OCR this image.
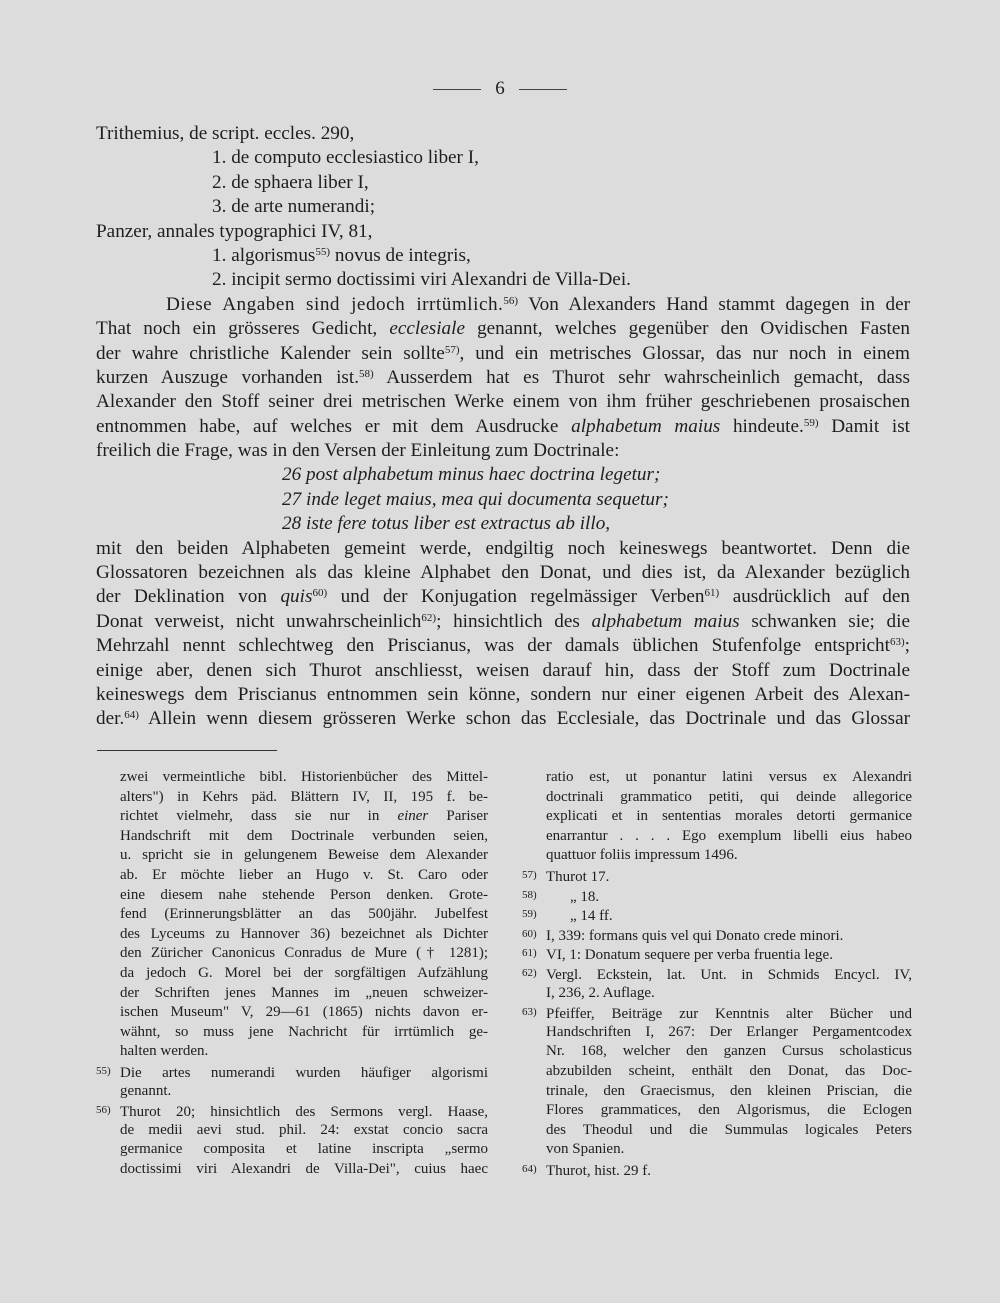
6
Trithemius, de script. eccles. 290,
1. de computo ecclesiastico liber I,
2. de sphaera liber I,
3. de arte numerandi;
Panzer, annales typographici IV, 81,
1. algorismus$^{55)}$ novus de integris,
2. incipit sermo doctissimi viri Alexandri de Villa-Dei.
Diese Angaben sind jedoch irrtümlich.$^{56)}$ Von Alexanders Hand stammt dagegen in der
That noch ein grösseres Gedicht, ecclesiale genannt, welches gegenüber den Ovidischen Fasten
der wahre christliche Kalender sein sollte$^{57)}$, und ein metrisches Glossar, das nur noch in einem
kurzen Auszuge vorhanden ist.$^{58)}$ Ausserdem hat es Thurot sehr wahrscheinlich gemacht, dass
Alexander den Stoff seiner drei metrischen Werke einem von ihm früher geschriebenen prosaischen
entnommen habe, auf welches er mit dem Ausdrucke alphabetum maius hindeute.$^{59)}$ Damit ist
freilich die Frage, was in den Versen der Einleitung zum Doctrinale:
26 post alphabetum minus haec doctrina legetur;
27 inde leget maius, mea qui documenta sequetur;
28 iste fere totus liber est extractus ab illo,
mit den beiden Alphabeten gemeint werde, endgiltig noch keineswegs beantwortet. Denn die
Glossatoren bezeichnen als das kleine Alphabet den Donat, und dies ist, da Alexander bezüglich
der Deklination von quis$^{60)}$ und der Konjugation regelmässiger Verben$^{61)}$ ausdrücklich auf den
Donat verweist, nicht unwahrscheinlich$^{62)}$; hinsichtlich des alphabetum maius schwanken sie; die
Mehrzahl nennt schlechtweg den Priscianus, was der damals üblichen Stufenfolge entspricht$^{63)}$;
einige aber, denen sich Thurot anschliesst, weisen darauf hin, dass der Stoff zum Doctrinale
keineswegs dem Priscianus entnommen sein könne, sondern nur einer eigenen Arbeit des Alexan-
der.$^{64)}$ Allein wenn diesem grösseren Werke schon das Ecclesiale, das Doctrinale und das Glossar
zwei vermeintliche bibl. Historienbücher des Mittel-
alters") in Kehrs päd. Blättern IV, II, 195 f. be-
richtet vielmehr, dass sie nur in einer Pariser
Handschrift mit dem Doctrinale verbunden seien,
u. spricht sie in gelungenem Beweise dem Alexander
ab. Er möchte lieber an Hugo v. St. Caro oder
eine diesem nahe stehende Person denken. Grote-
fend (Erinnerungsblätter an das 500jähr. Jubelfest
des Lyceums zu Hannover 36) bezeichnet als Dichter
den Züricher Canonicus Conradus de Mure († 1281);
da jedoch G. Morel bei der sorgfältigen Aufzählung
der Schriften jenes Mannes im „neuen schweizer-
ischen Museum" V, 29—61 (1865) nichts davon er-
wähnt, so muss jene Nachricht für irrtümlich ge-
halten werden.
55) Die artes numerandi wurden häufiger algorismi
genannt.
56) Thurot 20; hinsichtlich des Sermons vergl. Haase,
de medii aevi stud. phil. 24: exstat concio sacra
germanice composita et latine inscripta „sermo
doctissimi viri Alexandri de Villa-Dei", cuius haec
ratio est, ut ponantur latini versus ex Alexandri
doctrinali grammatico petiti, qui deinde allegorice
explicati et in sententias morales detorti germanice
enarrantur . . . . Ego exemplum libelli eius habeo
quattuor foliis impressum 1496.
57) Thurot 17.
58) „ 18.
59) „ 14 ff.
60) I, 339: formans quis vel qui Donato crede minori.
61) VI, 1: Donatum sequere per verba fruentia lege.
62) Vergl. Eckstein, lat. Unt. in Schmids Encycl. IV,
I, 236, 2. Auflage.
63) Pfeiffer, Beiträge zur Kenntnis alter Bücher und
Handschriften I, 267: Der Erlanger Pergamentcodex
Nr. 168, welcher den ganzen Cursus scholasticus
abzubilden scheint, enthält den Donat, das Doc-
trinale, den Graecismus, den kleinen Priscian, die
Flores grammatices, den Algorismus, die Eclogen
des Theodul und die Summulas logicales Peters
von Spanien.
64) Thurot, hist. 29 f.
